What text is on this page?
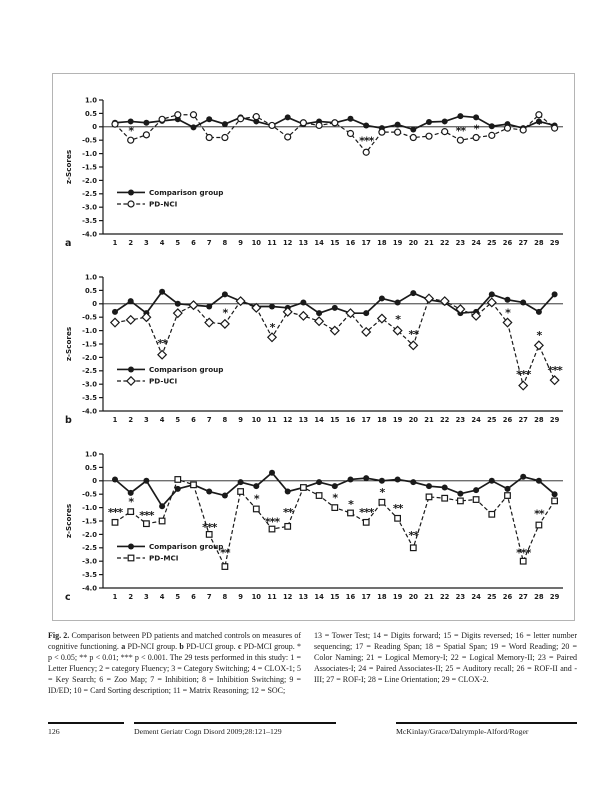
1.0
0.5
0
-0.5
-1.0
-1.5
-2.0
-2.5
-3.0
-3.5
-4.0
1 2 3 4 5 6 7 8 9 10 11 12 13 14 15 16 17 18 19 20 21 22 23 24 25 26 27 28 29
z-Scores
*
***
** *	*
Comparison group
PD-NCI
a
1.0
0.5
0
-0.5
-1.0
-1.5
-2.0
-2.5
-3.0
-3.5
-4.0
1 2 3 4 5 6 7 8 9 10 11 12 13 14 15 16 17 18 19 20 21 22 23 24 25 26 27 28 29
z-Scores	**
*
*
*
**
*
***
*
***
Comparison group
PD-UCI
b
1.0
0.5
0
-0.5
-1.0
-1.5
-2.0
-2.5
-3.0
-3.5
-4.0
1 2 3 4 5 6 7 8 9 10 11 12 13 14 15 16 17 18 19 20 21 22 23 24 25 26 27 28 29
z-Scores	***
*
***
***
**
*
***
**
*
*
***
*
**
**
***
**
Comparison group
PD-MCI
c
Fig. 2. Comparison between PD patients and matched controls on measures of cognitive functioning. a PD-NCI group. b PD-UCI group. c PD-MCI group. * p < 0.05; ** p < 0.01; *** p < 0.001. The 29 tests performed in this study: 1 = Letter Fluency; 2 = category Fluency; 3 = Category Switching; 4 = CLOX-1; 5 = Key Search; 6 = Zoo Map; 7 = Inhibition; 8 = Inhibition Switching; 9 = ID/ED; 10 = Card Sorting description; 11 = Matrix Reasoning; 12 = SOC;
13 = Tower Test; 14 = Digits forward; 15 = Digits reversed; 16 = letter number sequencing; 17 = Reading Span; 18 = Spatial Span; 19 = Word Reading; 20 = Color Naming; 21 = Logical Memory-I; 22 = Logical Memory-II; 23 = Paired Associates-I; 24 = Paired Associates-II; 25 = Auditory recall; 26 = ROF-II and -III; 27 = ROF-I; 28 = Line Orientation; 29 = CLOX-2.
126	Dement Geriatr Cogn Disord 2009;28:121–129	McKinlay/Grace/Dalrymple-Alford/Roger
